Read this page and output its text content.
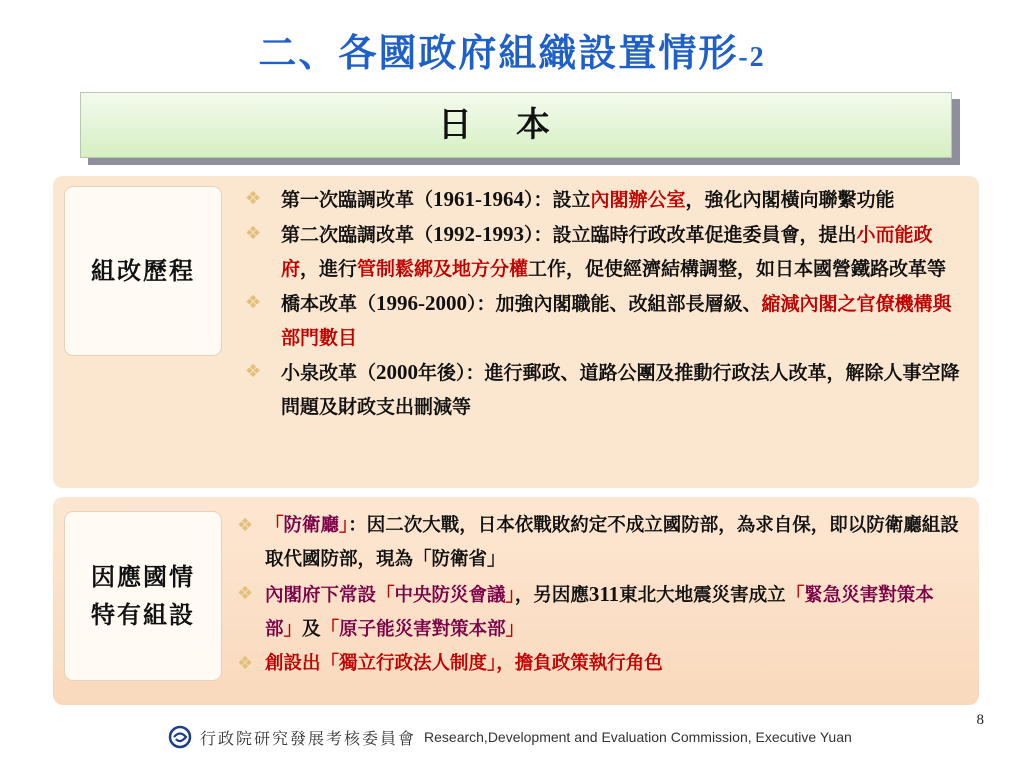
二、各國政府組織設置情形-2
日本
組改歷程
❖ 第一次臨調改革（1961-1964）：設立內閣辦公室，強化內閣橫向聯繫功能
❖ 第二次臨調改革（1992-1993）：設立臨時行政改革促進委員會，提出小而能政府，進行管制鬆綁及地方分權工作，促使經濟結構調整，如日本國營鐵路改革等
❖ 橋本改革（1996-2000）：加強內閣職能、改組部長層級、縮減內閣之官僚機構與部門數目
❖ 小泉改革（2000年後）：進行郵政、道路公團及推動行政法人改革，解除人事空降問題及財政支出刪減等
因應國情
特有組設
❖ 「防衛廳」：因二次大戰，日本依戰敗約定不成立國防部，為求自保，即以防衛廳組設取代國防部，現為「防衛省」
❖ 內閣府下常設「中央防災會議」，另因應311東北大地震災害成立「緊急災害對策本部」及「原子能災害對策本部」
❖ 創設出「獨立行政法人制度」，擔負政策執行角色
行政院研究發展考核委員會 Research,Development and Evaluation Commission, Executive Yuan
8
